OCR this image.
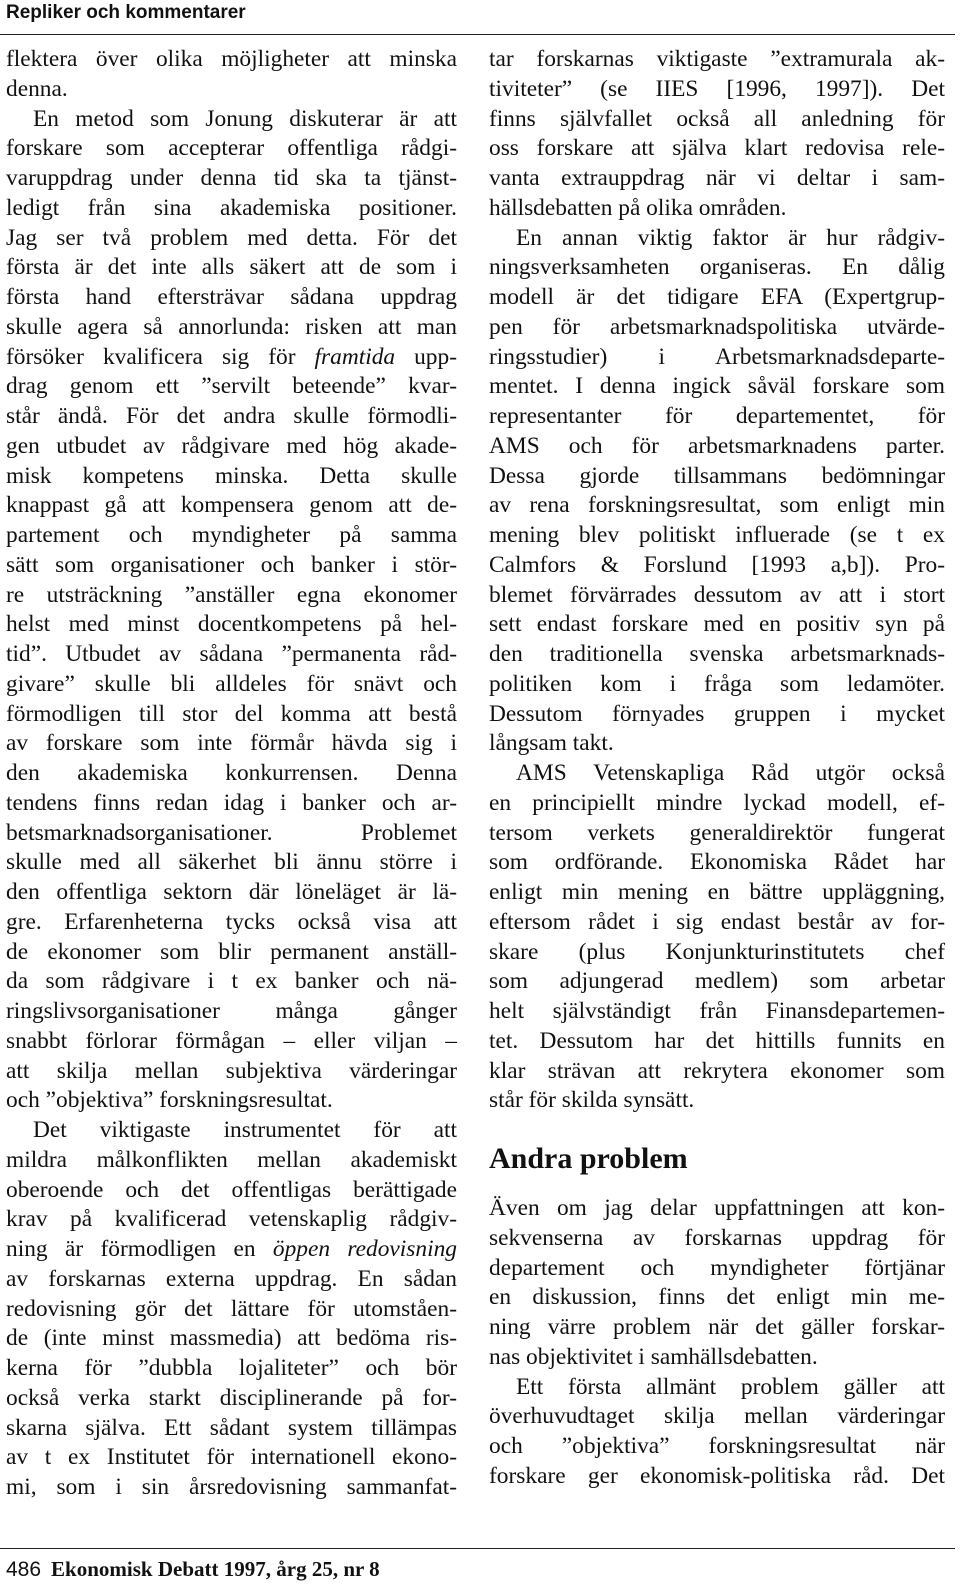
Repliker och kommentarer
flektera över olika möjligheter att minska
denna.
En metod som Jonung diskuterar är att
forskare som accepterar offentliga rådgi-
varuppdrag under denna tid ska ta tjänst-
ledigt från sina akademiska positioner.
Jag ser två problem med detta. För det
första är det inte alls säkert att de som i
första hand eftersträvar sådana uppdrag
skulle agera så annorlunda: risken att man
försöker kvalificera sig för framtida upp-
drag genom ett ”servilt beteende” kvar-
står ändå. För det andra skulle förmodli-
gen utbudet av rådgivare med hög akade-
misk kompetens minska. Detta skulle
knappast gå att kompensera genom att de-
partement och myndigheter på samma
sätt som organisationer och banker i stör-
re utsträckning ”anställer egna ekonomer
helst med minst docentkompetens på hel-
tid”. Utbudet av sådana ”permanenta råd-
givare” skulle bli alldeles för snävt och
förmodligen till stor del komma att bestå
av forskare som inte förmår hävda sig i
den akademiska konkurrensen. Denna
tendens finns redan idag i banker och ar-
betsmarknadsorganisationer. Problemet
skulle med all säkerhet bli ännu större i
den offentliga sektorn där löneläget är lä-
gre. Erfarenheterna tycks också visa att
de ekonomer som blir permanent anställ-
da som rådgivare i t ex banker och nä-
ringslivsorganisationer många gånger
snabbt förlorar förmågan – eller viljan –
att skilja mellan subjektiva värderingar
och ”objektiva” forskningsresultat.
Det viktigaste instrumentet för att
mildra målkonflikten mellan akademiskt
oberoende och det offentligas berättigade
krav på kvalificerad vetenskaplig rådgiv-
ning är förmodligen en öppen redovisning
av forskarnas externa uppdrag. En sådan
redovisning gör det lättare för utomståen-
de (inte minst massmedia) att bedöma ris-
kerna för ”dubbla lojaliteter” och bör
också verka starkt disciplinerande på for-
skarna själva. Ett sådant system tillämpas
av t ex Institutet för internationell ekono-
mi, som i sin årsredovisning sammanfat-
tar forskarnas viktigaste ”extramurala ak-
tiviteter” (se IIES [1996, 1997]). Det
finns självfallet också all anledning för
oss forskare att själva klart redovisa rele-
vanta extrauppdrag när vi deltar i sam-
hällsdebatten på olika områden.
En annan viktig faktor är hur rådgiv-
ningsverksamheten organiseras. En dålig
modell är det tidigare EFA (Expertgrup-
pen för arbetsmarknadspolitiska utvärde-
ringsstudier) i Arbetsmarknadsdeparte-
mentet. I denna ingick såväl forskare som
representanter för departementet, för
AMS och för arbetsmarknadens parter.
Dessa gjorde tillsammans bedömningar
av rena forskningsresultat, som enligt min
mening blev politiskt influerade (se t ex
Calmfors & Forslund [1993 a,b]). Pro-
blemet förvärrades dessutom av att i stort
sett endast forskare med en positiv syn på
den traditionella svenska arbetsmarknads-
politiken kom i fråga som ledamöter.
Dessutom förnyades gruppen i mycket
långsam takt.
AMS Vetenskapliga Råd utgör också
en principiellt mindre lyckad modell, ef-
tersom verkets generaldirektör fungerat
som ordförande. Ekonomiska Rådet har
enligt min mening en bättre uppläggning,
eftersom rådet i sig endast består av for-
skare (plus Konjunkturinstitutets chef
som adjungerad medlem) som arbetar
helt självständigt från Finansdepartemen-
tet. Dessutom har det hittills funnits en
klar strävan att rekrytera ekonomer som
står för skilda synsätt.
Andra problem
Även om jag delar uppfattningen att kon-
sekvenserna av forskarnas uppdrag för
departement och myndigheter förtjänar
en diskussion, finns det enligt min me-
ning värre problem när det gäller forskar-
nas objektivitet i samhällsdebatten.
Ett första allmänt problem gäller att
överhuvudtaget skilja mellan värderingar
och ”objektiva” forskningsresultat när
forskare ger ekonomisk-politiska råd. Det
486 Ekonomisk Debatt 1997, årg 25, nr 8
